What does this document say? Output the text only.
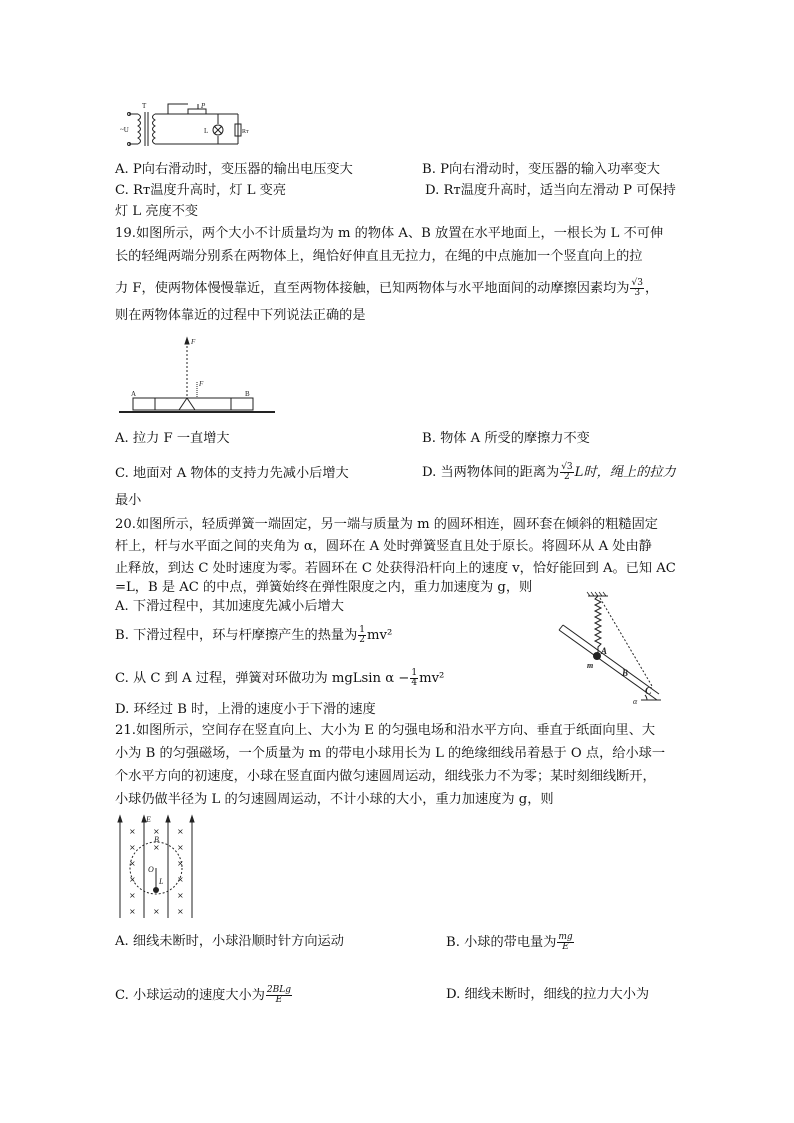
T	P
~U	L	Rт
A. P向右滑动时，变压器的输出电压变大	B. P向右滑动时，变压器的输入功率变大
C. Rт温度升高时，灯 L 变亮	D. Rт温度升高时，适当向左滑动 P 可保持
灯 L 亮度不变
19.如图所示，两个大小不计质量均为 m 的物体 A、B 放置在水平地面上，一根长为 L 不可伸
长的轻绳两端分别系在两物体上，绳恰好伸直且无拉力，在绳的中点施加一个竖直向上的拉
力 F，使两物体慢慢靠近，直至两物体接触，已知两物体与水平地面间的动摩擦因素均为 $\frac{√3}{3}$ ，
则在两物体靠近的过程中下列说法正确的是
F
F
A	B
A. 拉力 F 一直增大	B. 物体 A 所受的摩擦力不变
C. 地面对 A 物体的支持力先减小后增大	D. 当两物体间的距离为 $\frac{√3}{2}$ L时，绳上的拉力
最小
20.如图所示，轻质弹簧一端固定，另一端与质量为 m 的圆环相连，圆环套在倾斜的粗糙固定
杆上，杆与水平面之间的夹角为 α，圆环在 A 处时弹簧竖直且处于原长。将圆环从 A 处由静
止释放，到达 C 处时速度为零。若圆环在 C 处获得沿杆向上的速度 v，恰好能回到 A。已知 AC
=L，B 是 AC 的中点，弹簧始终在弹性限度之内，重力加速度为 g，则
A. 下滑过程中，其加速度先减小后增大
B. 下滑过程中，环与杆摩擦产生的热量为 $\frac{1}{2} mv^2$
C. 从 C 到 A 过程，弹簧对环做功为 mgLsin $\alpha - \frac{1}{4} mv^2$
D. 环经过 B 时，上滑的速度小于下滑的速度
A
m
B
C
α
21.如图所示，空间存在竖直向上、大小为 E 的匀强电场和沿水平方向、垂直于纸面向里、大
小为 B 的匀强磁场，一个质量为 m 的带电小球用长为 L 的绝缘细线吊着悬于 O 点，给小球一
个水平方向的初速度，小球在竖直面内做匀速圆周运动，细线张力不为零；某时刻细线断开，
小球仍做半径为 L 的匀速圆周运动，不计小球的大小，重力加速度为 g，则
× × ×
× × ×
×	×
×	×
×	×
× × ×
E
B
O
L
A. 细线未断时，小球沿顺时针方向运动	B. 小球的带电量为 $\frac{mg}{E}$
C. 小球运动的速度大小为 $\frac{\text{2BLg}}{E}$	D. 细线未断时，细线的拉力大小为
